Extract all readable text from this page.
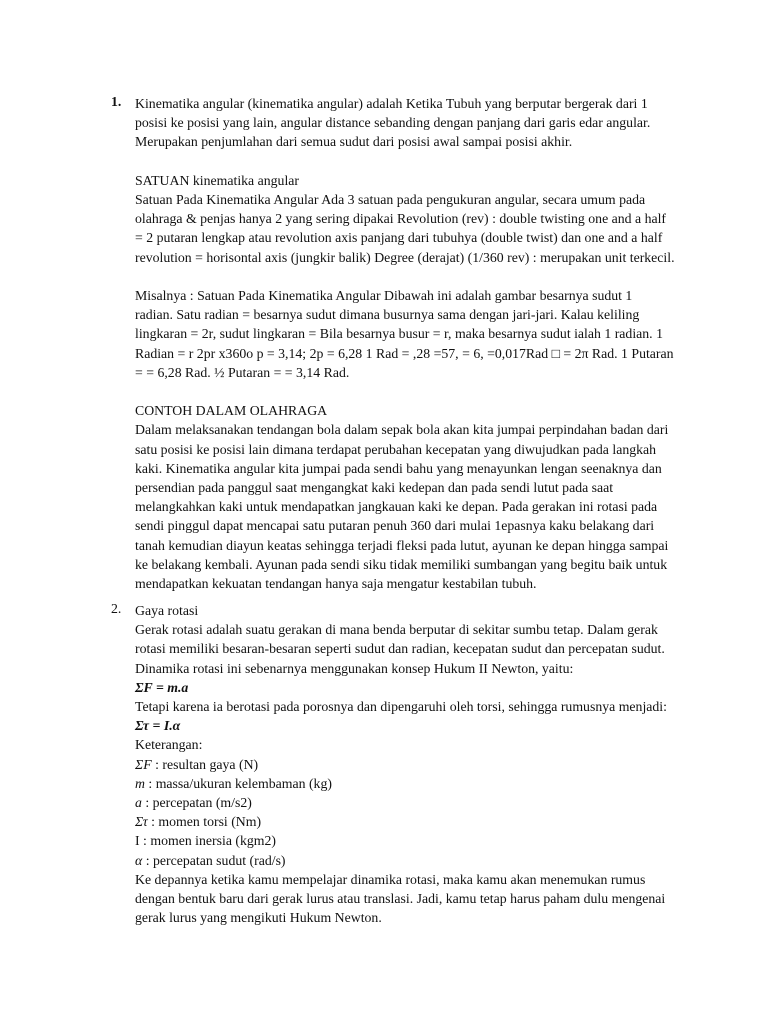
1. Kinematika angular (kinematika angular) adalah Ketika Tubuh yang berputar bergerak dari 1
posisi ke posisi yang lain, angular distance sebanding dengan panjang dari garis edar angular.
Merupakan penjumlahan dari semua sudut dari posisi awal sampai posisi akhir.

SATUAN kinematika angular

Satuan Pada Kinematika Angular Ada 3 satuan pada pengukuran angular, secara umum pada
olahraga & penjas hanya 2 yang sering dipakai Revolution (rev) : double twisting one and a half
= 2 putaran lengkap atau revolution axis panjang dari tubuhya (double twist) dan one and a half
revolution = horisontal axis (jungkir balik) Degree (derajat) (1/360 rev) : merupakan unit terkecil.

Misalnya : Satuan Pada Kinematika Angular Dibawah ini adalah gambar besarnya sudut 1
radian. Satu radian = besarnya sudut dimana busurnya sama dengan jari-jari. Kalau keliling
lingkaran = 2r, sudut lingkaran = Bila besarnya busur = r, maka besarnya sudut ialah 1 radian. 1
Radian = r 2pr x360o p = 3,14; 2p = 6,28 1 Rad = ,28 =57, = 6, =0,017Rad □ = 2π Rad. 1 Putaran
= = 6,28 Rad. ½ Putaran = = 3,14 Rad.

CONTOH DALAM OLAHRAGA

Dalam melaksanakan tendangan bola dalam sepak bola akan kita jumpai perpindahan badan dari
satu posisi ke posisi lain dimana terdapat perubahan kecepatan yang diwujudkan pada langkah
kaki. Kinematika angular kita jumpai pada sendi bahu yang menayunkan lengan seenaknya dan
persendian pada panggul saat mengangkat kaki kedepan dan pada sendi lutut pada saat
melangkahkan kaki untuk mendapatkan jangkauan kaki ke depan. Pada gerakan ini rotasi pada
sendi pinggul dapat mencapai satu putaran penuh 360 dari mulai 1epasnya kaku belakang dari
tanah kemudian diayun keatas sehingga terjadi fleksi pada lutut, ayunan ke depan hingga sampai
ke belakang kembali. Ayunan pada sendi siku tidak memiliki sumbangan yang begitu baik untuk
mendapatkan kekuatan tendangan hanya saja mengatur kestabilan tubuh.

2. Gaya rotasi

Gerak rotasi adalah suatu gerakan di mana benda berputar di sekitar sumbu tetap. Dalam gerak
rotasi memiliki besaran-besaran seperti sudut dan radian, kecepatan sudut dan percepatan sudut.
Dinamika rotasi ini sebenarnya menggunakan konsep Hukum II Newton, yaitu:

ΣF = m.a

Tetapi karena ia berotasi pada porosnya dan dipengaruhi oleh torsi, sehingga rumusnya menjadi:

Στ = I.α

Keterangan:

ΣF : resultan gaya (N)

m : massa/ukuran kelembaman (kg)

a : percepatan (m/s2)

Στ : momen torsi (Nm)

I : momen inersia (kgm2)

α : percepatan sudut (rad/s)

Ke depannya ketika kamu mempelajar dinamika rotasi, maka kamu akan menemukan rumus
dengan bentuk baru dari gerak lurus atau translasi. Jadi, kamu tetap harus paham dulu mengenai
gerak lurus yang mengikuti Hukum Newton.
